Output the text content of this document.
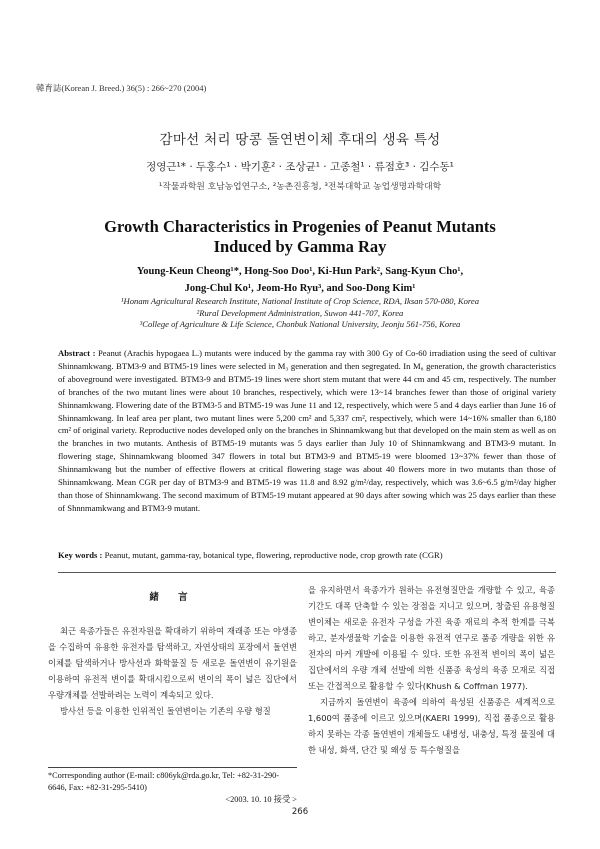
韓育誌(Korean J. Breed.) 36(5) : 266~270 (2004)
감마선 처리 땅콩 돌연변이체 후대의 생육 특성
정영근¹* · 두홍수¹ · 박기훈² · 조상균¹ · 고종철¹ · 류점호³ · 김수동¹
¹작물과학원 호남농업연구소, ²농촌진흥청, ³전북대학교 농업생명과학대학
Growth Characteristics in Progenies of Peanut Mutants
Induced by Gamma Ray
Young-Keun Cheong¹*, Hong-Soo Doo¹, Ki-Hun Park², Sang-Kyun Cho¹,
Jong-Chul Ko¹, Jeom-Ho Ryu³, and Soo-Dong Kim¹
¹Honam Agricultural Research Institute, National Institute of Crop Science, RDA, Iksan 570-080, Korea
²Rural Development Administration, Suwon 441-707, Korea
³College of Agriculture & Life Science, Chonbuk National University, Jeonju 561-756, Korea
Abstract : Peanut (Arachis hypogaea L.) mutants were induced by the gamma ray with 300 Gy of Co-60 irradiation using the seed of cultivar Shinnamkwang. BTM3-9 and BTM5-19 lines were selected in M₃ generation and then segregated. In M₈ generation, the growth characteristics of aboveground were investigated. BTM3-9 and BTM5-19 lines were short stem mutant that were 44 cm and 45 cm, respectively. The number of branches of the two mutant lines were about 10 branches, respectively, which were 13~14 branches fewer than those of original variety Shinnamkwang. Flowering date of the BTM3-5 and BTM5-19 was June 11 and 12, respectively, which were 5 and 4 days earlier than June 16 of Shinnamkwang. In leaf area per plant, two mutant lines were 5,200 cm² and 5,337 cm², respectively, which were 14~16% smaller than 6,180 cm² of original variety. Reproductive nodes developed only on the branches in Shinnamkwang but that developed on the main stem as well as on the branches in two mutants. Anthesis of BTM5-19 mutants was 5 days earlier than July 10 of Shinnamkwang and BTM3-9 mutant. In flowering stage, Shinnamkwang bloomed 347 flowers in total but BTM3-9 and BTM5-19 were bloomed 13~37% fewer than those of Shinnamkwang but the number of effective flowers at critical flowering stage was about 40 flowers more in two mutants than those of Shinnamkwang. Mean CGR per day of BTM3-9 and BTM5-19 was 11.8 and 8.92 g/m²/day, respectively, which was 3.6~6.5 g/m²/day higher than those of Shinnamkwang. The second maximum of BTM5-19 mutant appeared at 90 days after sowing which was 25 days earlier than these of Shnnmamkwang and BTM3-9 mutant.
Key words : Peanut, mutant, gamma-ray, botanical type, flowering, reproductive node, crop growth rate (CGR)
緒 言

최근 육종가들은 유전자원을 확대하기 위하여 재래종 또는 야생종을 수집하여 유용한 유전자를 탐색하고, 자연상태의 포장에서 돌연변이체를 탐색하거나 방사선과 화학물질 등 새로운 돌연변이 유기원을 이용하여 유전적 변이를 확대시킴으로써 변이의 폭이 넓은 집단에서 우량개체를 선발하려는 노력이 계속되고 있다.

방사선 등을 이용한 인위적인 돌연변이는 기존의 우량 형질

을 유지하면서 육종가가 원하는 유전형질만을 개량할 수 있고, 육종 기간도 대폭 단축할 수 있는 장점을 지니고 있으며, 창출된 유용형질 변이체는 새로운 유전자 구성을 가진 육종 재료의 추적 한계를 극복하고, 분자생물학 기술을 이용한 유전적 연구로 품종 개량을 위한 유전자의 마커 개발에 이용될 수 있다. 또한 유전적 변이의 폭이 넓은 집단에서의 우량 개체 선발에 의한 신품종 육성의 육종 모재로 직접 또는 간접적으로 활용할 수 있다(Khush & Coffman 1977).

지금까지 돌연변이 육종에 의하여 육성된 신품종은 세계적으로 1,600여 품종에 이르고 있으며(KAERI 1999), 직접 품종으로 활용하지 못하는 각종 돌연변이 개체들도 내병성, 내충성, 특정 물질에 대한 내성, 화색, 단간 및 왜성 등 특수형질을

*Corresponding author (E-mail: c806yk@rda.go.kr, Tel: +82-31-290-6646, Fax: +82-31-295-5410)
<2003. 10. 10 接受 >
266
